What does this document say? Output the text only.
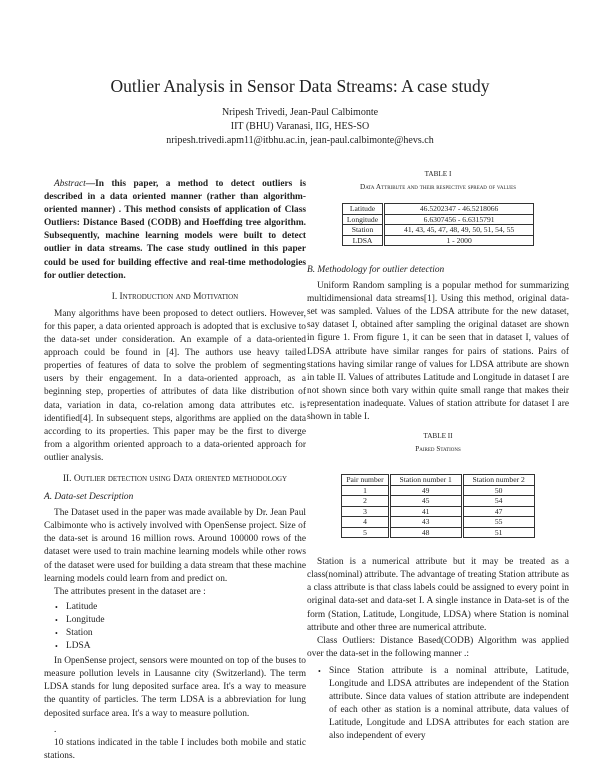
Outlier Analysis in Sensor Data Streams: A case study
Nripesh Trivedi, Jean-Paul Calbimonte
IIT (BHU) Varanasi, IIG, HES-SO
nripesh.trivedi.apm11@itbhu.ac.in, jean-paul.calbimonte@hevs.ch

Abstract—In this paper, a method to detect outliers is described in a data oriented manner (rather than algorithm-oriented manner) . This method consists of application of Class Outliers: Distance Based (CODB) and Hoeffding tree algorithm. Subsequently, machine learning models were built to detect outlier in data streams. The case study outlined in this paper could be used for building effective and real-time methodologies for outlier detection.

I. Introduction and Motivation

Many algorithms have been proposed to detect outliers. However, for this paper, a data oriented approach is adopted that is exclusive to the data-set under consideration. An example of a data-oriented approach could be found in [4]. The authors use heavy tailed properties of features of data to solve the problem of segmenting users by their engagement. In a data-oriented approach, as a beginning step, properties of attributes of data like distribution of data, variation in data, co-relation among data attributes etc. is identified[4]. In subsequent steps, algorithms are applied on the data according to its properties. This paper may be the first to diverge from a algorithm oriented approach to a data-oriented approach for outlier analysis.

II. Outlier detection using Data oriented methodology
A. Data-set Description

The Dataset used in the paper was made available by Dr. Jean Paul Calbimonte who is actively involved with OpenSense project. Size of the data-set is around 16 million rows. Around 100000 rows of the dataset were used to train machine learning models while other rows of the dataset were used for building a data stream that these machine learning models could learn from and predict on.

The attributes present in the dataset are :

• Latitude
• Longitude
• Station
• LDSA

In OpenSense project, sensors were mounted on top of the buses to measure pollution levels in Lausanne city (Switzerland). The term LDSA stands for lung deposited surface area. It's a way to measure the quantity of particles. The term LDSA is a abbreviation for lung deposited surface area. It's a way to measure pollution.

.

10 stations indicated in the table I includes both mobile and static stations.

TABLE I
Data Attribute and their respective spread of values
Latitude	46.5202347 - 46.5218066
Longitude	6.6307456 - 6.6315791
Station	41, 43, 45, 47, 48, 49, 50, 51, 54, 55
LDSA	1 - 2000
B. Methodology for outlier detection

Uniform Random sampling is a popular method for summarizing multidimensional data streams[1]. Using this method, original data-set was sampled. Values of the LDSA attribute for the new dataset, say dataset I, obtained after sampling the original dataset are shown in figure 1. From figure 1, it can be seen that in dataset I, values of LDSA attribute have similar ranges for pairs of stations. Pairs of stations having similar range of values for LDSA attribute are shown in table II. Values of attributes Latitude and Longitude in dataset I are not shown since both vary within quite small range that makes their representation inadequate. Values of station attribute for dataset I are shown in table I.

TABLE II
Paired Stations
Pair number	Station number 1	Station number 2
1	49	50
2	45	54
3	41	47
4	43	55
5	48	51

Station is a numerical attribute but it may be treated as a class(nominal) attribute. The advantage of treating Station attribute as a class attribute is that class labels could be assigned to every point in original data-set and data-set I. A single instance in Data-set is of the form (Station, Latitude, Longitude, LDSA) where Station is nominal attribute and other three are numerical attribute.

Class Outliers: Distance Based(CODB) Algorithm was applied over the data-set in the following manner .:

• Since Station attribute is a nominal attribute, Latitude, Longitude and LDSA attributes are independent of the Station attribute. Since data values of station attribute are independent of each other as station is a nominal attribute, data values of Latitude, Longitude and LDSA attributes for each station are also independent of every
